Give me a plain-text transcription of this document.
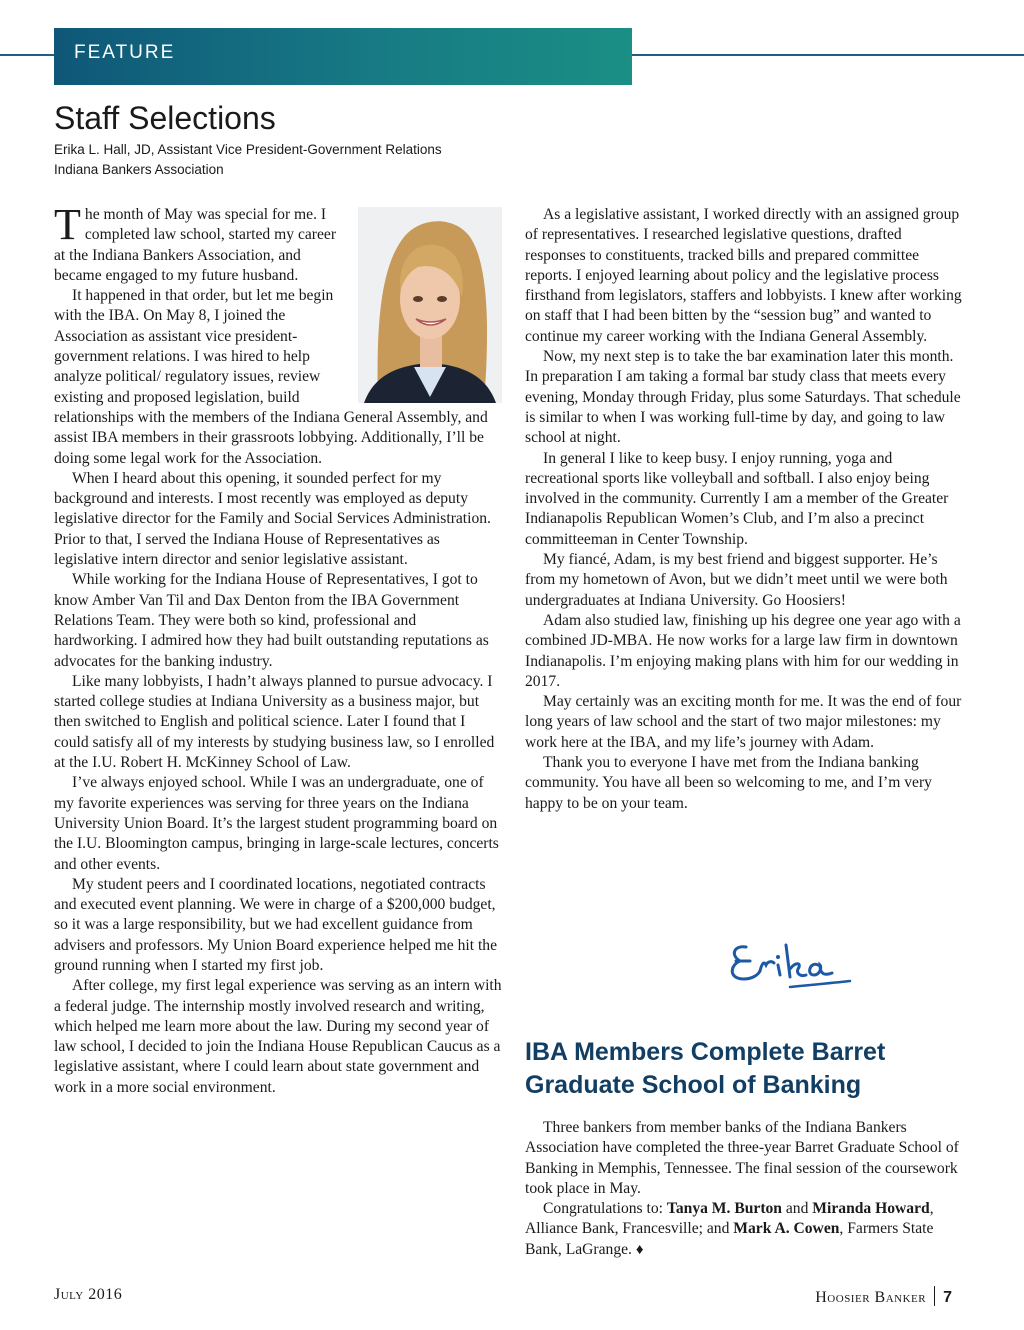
FEATURE
Staff Selections
Erika L. Hall, JD, Assistant Vice President-Government Relations
Indiana Bankers Association

The month of May was special for me. I completed law school, started my career at the Indiana Bankers Association, and became engaged to my future husband.

It happened in that order, but let me begin with the IBA. On May 8, I joined the Association as assistant vice president-government relations. I was hired to help analyze political/ regulatory issues, review existing and proposed legislation, build relationships with the members of the Indiana General Assembly, and assist IBA members in their grassroots lobbying. Additionally, I’ll be doing some legal work for the Association.

When I heard about this opening, it sounded perfect for my background and interests. I most recently was employed as deputy legislative director for the Family and Social Services Administration. Prior to that, I served the Indiana House of Representatives as legislative intern director and senior legislative assistant.

While working for the Indiana House of Representatives, I got to know Amber Van Til and Dax Denton from the IBA Government Relations Team. They were both so kind, professional and hardworking. I admired how they had built outstanding reputations as advocates for the banking industry.

Like many lobbyists, I hadn’t always planned to pursue advocacy. I started college studies at Indiana University as a business major, but then switched to English and political science. Later I found that I could satisfy all of my interests by studying business law, so I enrolled at the I.U. Robert H. McKinney School of Law.

I’ve always enjoyed school. While I was an undergraduate, one of my favorite experiences was serving for three years on the Indiana University Union Board. It’s the largest student programming board on the I.U. Bloomington campus, bringing in large-scale lectures, concerts and other events.

My student peers and I coordinated locations, negotiated contracts and executed event planning. We were in charge of a $200,000 budget, so it was a large responsibility, but we had excellent guidance from advisers and professors. My Union Board experience helped me hit the ground running when I started my first job.

After college, my first legal experience was serving as an intern with a federal judge. The internship mostly involved research and writing, which helped me learn more about the law. During my second year of law school, I decided to join the Indiana House Republican Caucus as a legislative assistant, where I could learn about state government and work in a more social environment.

As a legislative assistant, I worked directly with an assigned group of representatives. I researched legislative questions, drafted responses to constituents, tracked bills and prepared committee reports. I enjoyed learning about policy and the legislative process firsthand from legislators, staffers and lobbyists. I knew after working on staff that I had been bitten by the “session bug” and wanted to continue my career working with the Indiana General Assembly.

Now, my next step is to take the bar examination later this month. In preparation I am taking a formal bar study class that meets every evening, Monday through Friday, plus some Saturdays. That schedule is similar to when I was working full-time by day, and going to law school at night.

In general I like to keep busy. I enjoy running, yoga and recreational sports like volleyball and softball. I also enjoy being involved in the community. Currently I am a member of the Greater Indianapolis Republican Women’s Club, and I’m also a precinct committeeman in Center Township.

My fiancé, Adam, is my best friend and biggest supporter. He’s from my hometown of Avon, but we didn’t meet until we were both undergraduates at Indiana University. Go Hoosiers!

Adam also studied law, finishing up his degree one year ago with a combined JD-MBA. He now works for a large law firm in downtown Indianapolis. I’m enjoying making plans with him for our wedding in 2017.

May certainly was an exciting month for me. It was the end of four long years of law school and the start of two major milestones: my work here at the IBA, and my life’s journey with Adam.

Thank you to everyone I have met from the Indiana banking community. You have all been so welcoming to me, and I’m very happy to be on your team.

IBA Members Complete Barret Graduate School of Banking

Three bankers from member banks of the Indiana Bankers Association have completed the three-year Barret Graduate School of Banking in Memphis, Tennessee. The final session of the coursework took place in May.

Congratulations to: Tanya M. Burton and Miranda Howard, Alliance Bank, Francesville; and Mark A. Cowen, Farmers State Bank, LaGrange. ♦

July 2016	Hoosier Banker 7
